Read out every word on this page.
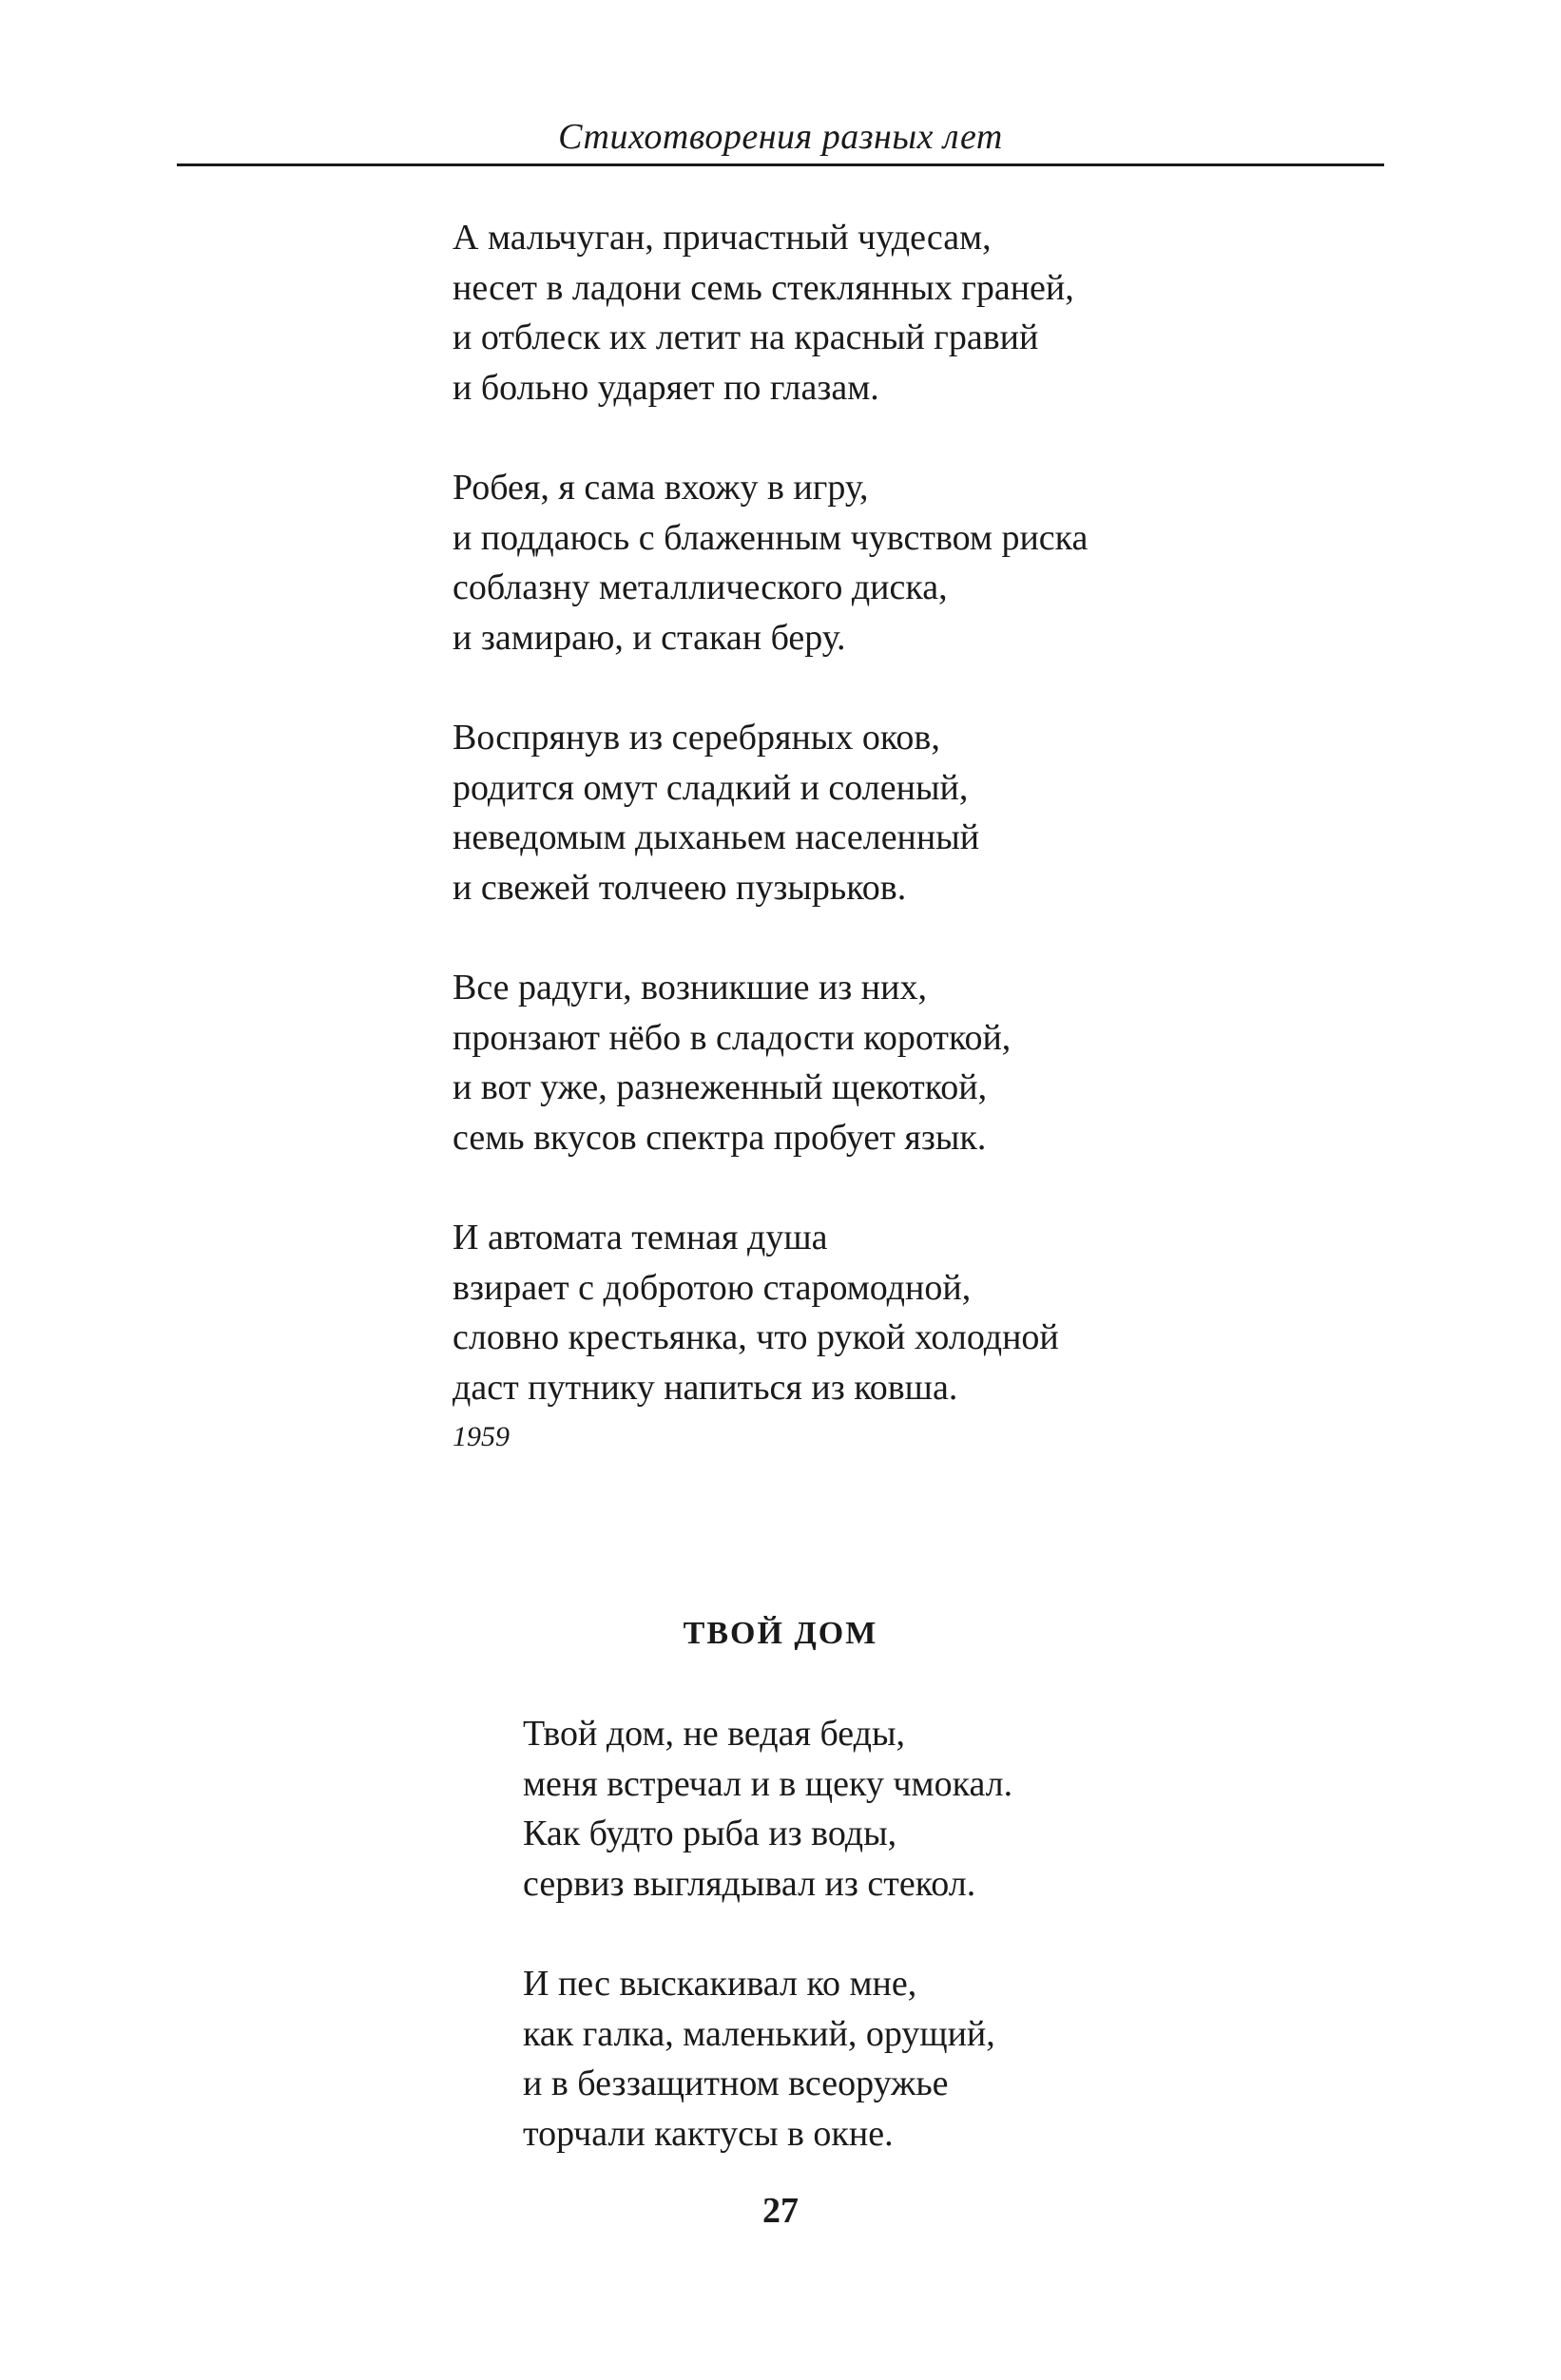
Стихотворения разных лет
А мальчуган, причастный чудесам,
несет в ладони семь стеклянных граней,
и отблеск их летит на красный гравий
и больно ударяет по глазам.
Робея, я сама вхожу в игру,
и поддаюсь с блаженным чувством риска
соблазну металлического диска,
и замираю, и стакан беру.
Воспрянув из серебряных оков,
родится омут сладкий и соленый,
неведомым дыханьем населенный
и свежей толчеею пузырьков.
Все радуги, возникшие из них,
пронзают нёбо в сладости короткой,
и вот уже, разнеженный щекоткой,
семь вкусов спектра пробует язык.
И автомата темная душа
взирает с добротою старомодной,
словно крестьянка, что рукой холодной
даст путнику напиться из ковша.
1959
ТВОЙ ДОМ
Твой дом, не ведая беды,
меня встречал и в щеку чмокал.
Как будто рыба из воды,
сервиз выглядывал из стекол.
И пес выскакивал ко мне,
как галка, маленький, орущий,
и в беззащитном всеоружье
торчали кактусы в окне.
27
